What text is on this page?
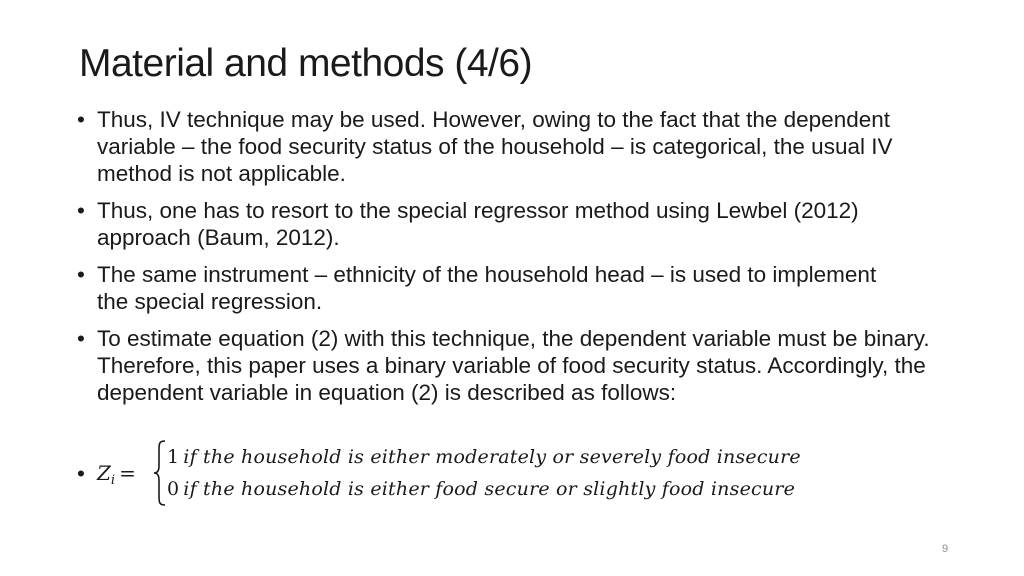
Material and methods (4/6)
• Thus, IV technique may be used. However, owing to the fact that the dependent variable – the food security status of the household – is categorical, the usual IV method is not applicable.
• Thus, one has to resort to the special regressor method using Lewbel (2012) approach (Baum, 2012).
• The same instrument – ethnicity of the household head – is used to implement the special regression.
• To estimate equation (2) with this technique, the dependent variable must be binary. Therefore, this paper uses a binary variable of food security status. Accordingly, the dependent variable in equation (2) is described as follows:
• $Z_i$ =
1 if the household is either moderately or severely food insecure
0 if the household is either food secure or slightly food insecure
9
